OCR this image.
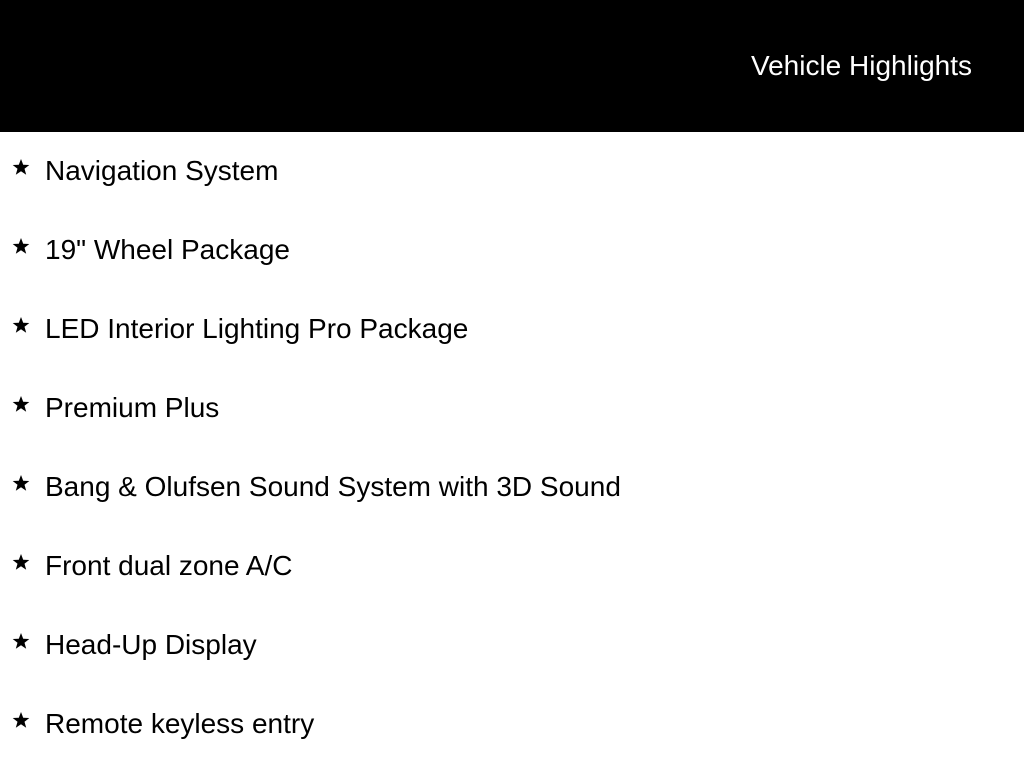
Vehicle Highlights
Navigation System
19" Wheel Package
LED Interior Lighting Pro Package
Premium Plus
Bang & Olufsen Sound System with 3D Sound
Front dual zone A/C
Head-Up Display
Remote keyless entry
